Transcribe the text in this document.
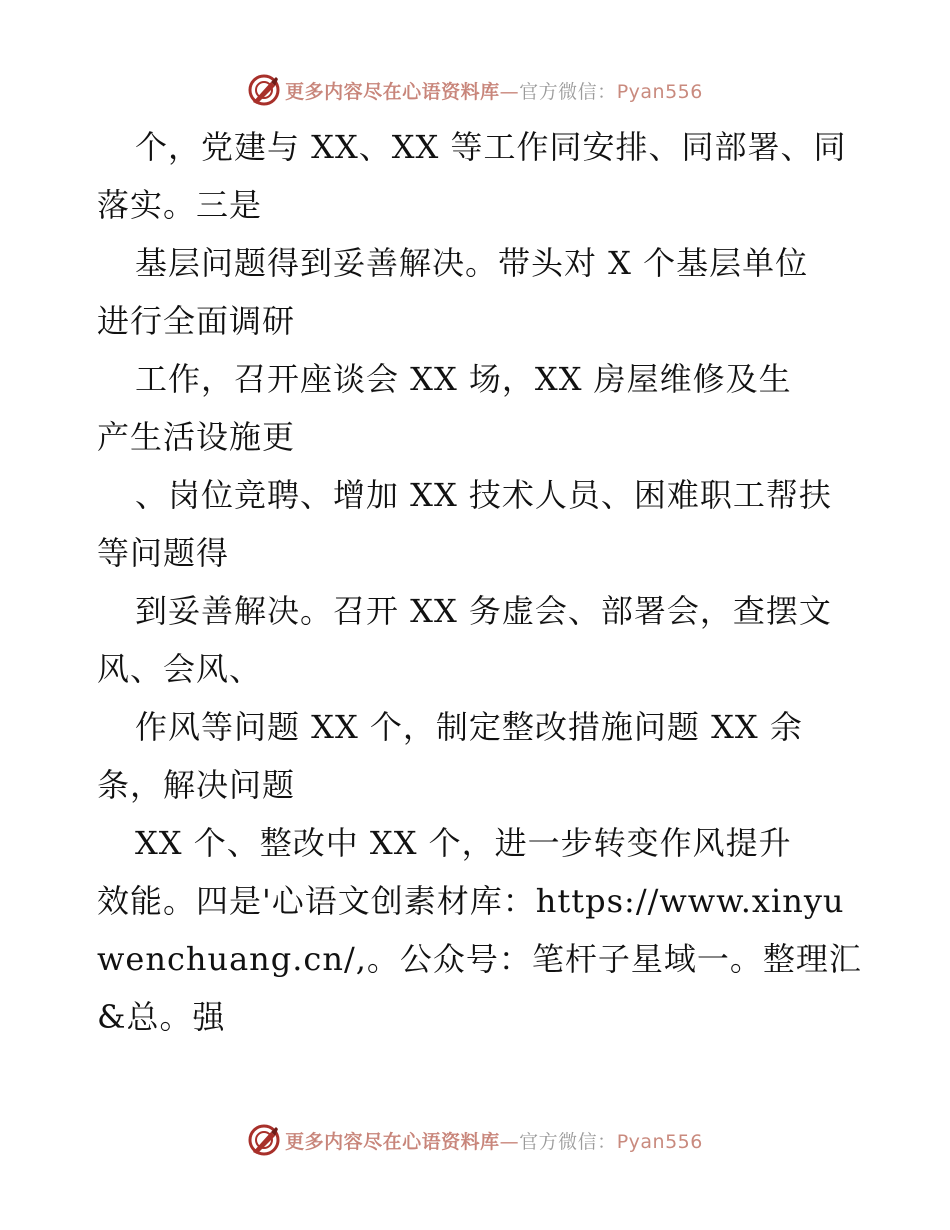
更多内容尽在心语资料库—官方微信：Pyan556
个，党建与 XX、XX 等工作同安排、同部署、同
落实。三是
基层问题得到妥善解决。带头对 X 个基层单位
进行全面调研
工作，召开座谈会 XX 场，XX 房屋维修及生
产生活设施更
、岗位竞聘、增加 XX 技术人员、困难职工帮扶
等问题得
到妥善解决。召开 XX 务虚会、部署会，查摆文
风、会风、
作风等问题 XX 个，制定整改措施问题 XX 余
条，解决问题
XX 个、整改中 XX 个，进一步转变作风提升
效能。四是'心语文创素材库：https://www.xinyu
wenchuang.cn/,。公众号：笔杆子星域一。整理汇
&总。强
更多内容尽在心语资料库—官方微信：Pyan556
